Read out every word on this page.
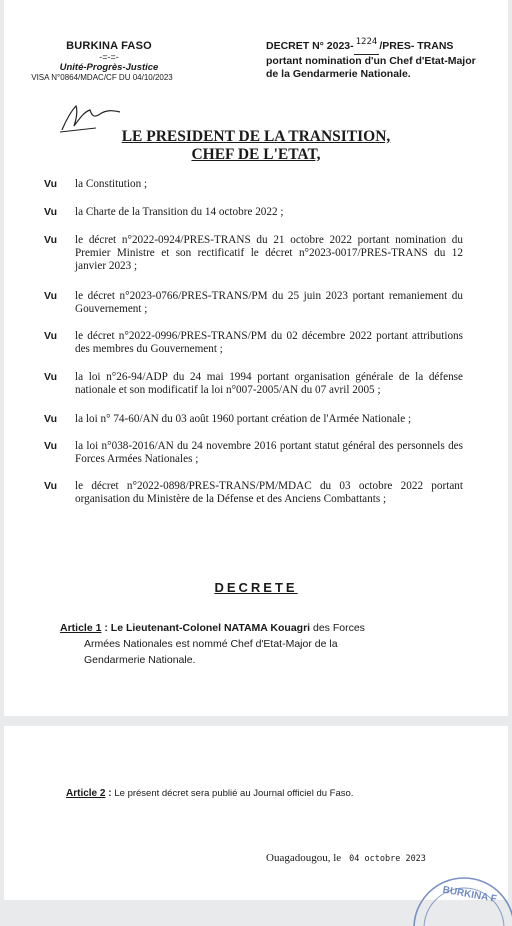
BURKINA FASO
-=-=-
Unité-Progrès-Justice
VISA N°0864/MDAC/CF DU 04/10/2023
DECRET N° 2023- 1224 /PRES- TRANS
portant nomination d'un Chef d'Etat-Major
de la Gendarmerie Nationale.
LE PRESIDENT DE LA TRANSITION,
CHEF DE L'ETAT,
Vu la Constitution ;
Vu la Charte de la Transition du 14 octobre 2022 ;
Vu le décret n°2022-0924/PRES-TRANS du 21 octobre 2022 portant nomination du Premier Ministre et son rectificatif le décret n°2023-0017/PRES-TRANS du 12 janvier 2023 ;
Vu le décret n°2023-0766/PRES-TRANS/PM du 25 juin 2023 portant remaniement du Gouvernement ;
Vu le décret n°2022-0996/PRES-TRANS/PM du 02 décembre 2022 portant attributions des membres du Gouvernement ;
Vu la loi n°26-94/ADP du 24 mai 1994 portant organisation générale de la défense nationale et son modificatif la loi n°007-2005/AN du 07 avril 2005 ;
Vu la loi n° 74-60/AN du 03 août 1960 portant création de l'Armée Nationale ;
Vu la loi n°038-2016/AN du 24 novembre 2016 portant statut général des personnels des Forces Armées Nationales ;
Vu le décret n°2022-0898/PRES-TRANS/PM/MDAC du 03 octobre 2022 portant organisation du Ministère de la Défense et des Anciens Combattants ;
DECRETE
Article 1 : Le Lieutenant-Colonel NATAMA Kouagri des Forces
Armées Nationales est nommé Chef d'Etat-Major de la
Gendarmerie Nationale.
Article 2 : Le présent décret sera publié au Journal officiel du Faso.
Ouagadougou, le 04 octobre 2023
BURKINA F
